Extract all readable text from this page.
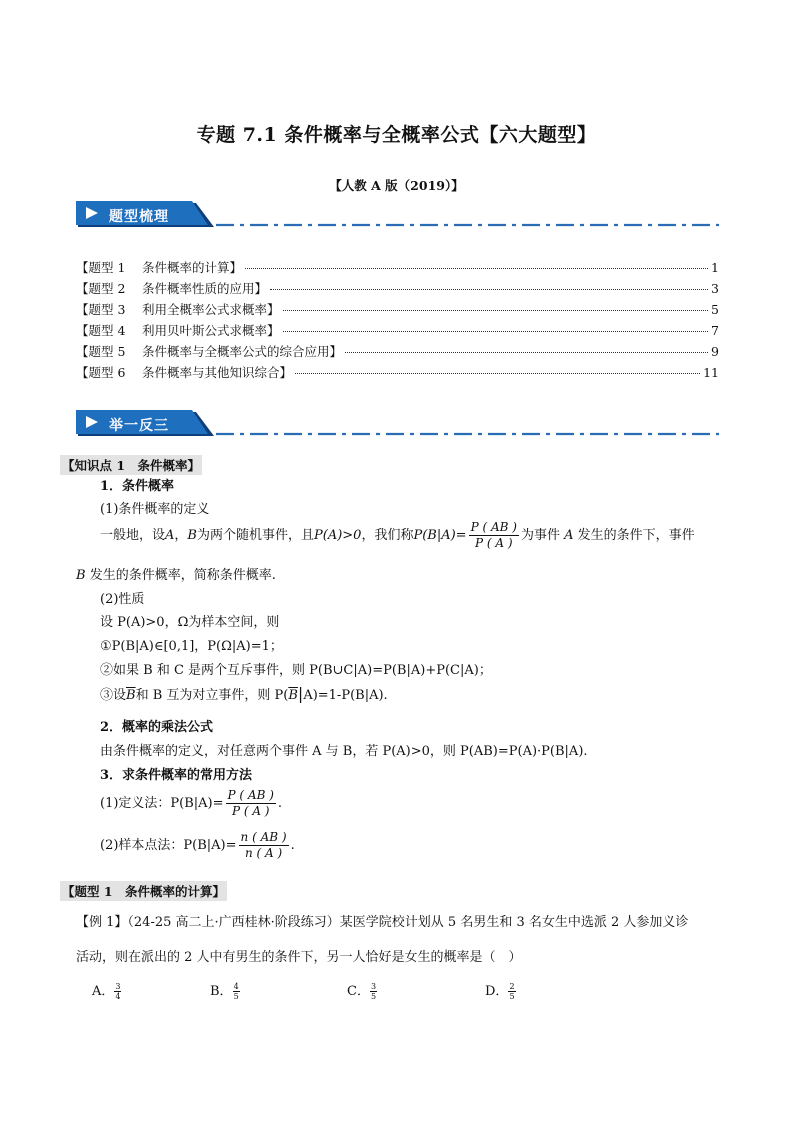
专题 7.1 条件概率与全概率公式【六大题型】
【人教 A 版（2019）】
题型梳理
【题型 1	条件概率的计算】	1
【题型 2	条件概率性质的应用】	3
【题型 3	利用全概率公式求概率】	5
【题型 4	利用贝叶斯公式求概率】	7
【题型 5	条件概率与全概率公式的综合应用】	9
【题型 6	条件概率与其他知识综合】	11
举一反三
【知识点 1　条件概率】
1．条件概率
(1)条件概率的定义
一般地，设A，B为两个随机事件，且P(A)>0，我们称$P(B|A)= \frac{P ( AB )}{P ( A )}$ 为事件 A 发生的条件下，事件
B 发生的条件概率，简称条件概率.
(2)性质
设 P(A)>0，Ω为样本空间，则
①P(B|A)∈[0,1]，P(Ω|A)=1；
②如果 B 和 C 是两个互斥事件，则 P(B∪C|A)=P(B|A)+P(C|A)；
③设$\overline{B}$和 B 互为对立事件，则 $P(\overline{B}|A)=1-P(B|A)$.
2．概率的乘法公式
由条件概率的定义，对任意两个事件 A 与 B，若 P(A)>0，则 P(AB)=P(A)·P(B|A).
3．求条件概率的常用方法
(1)定义法：$P(B|A)= \frac{P ( AB )}{P ( A )}$ .
(2)样本点法：$P(B|A)= \frac{n ( AB )}{n ( A )}$ .
【题型 1　条件概率的计算】
【例 1】（24-25 高二上·广西桂林·阶段练习）某医学院校计划从 5 名男生和 3 名女生中选派 2 人参加义诊
活动，则在派出的 2 人中有男生的条件下，另一人恰好是女生的概率是（　）
A． $\frac{3}{4}$	B． $\frac{4}{5}$	C． $\frac{3}{5}$	D． $\frac{2}{5}$
